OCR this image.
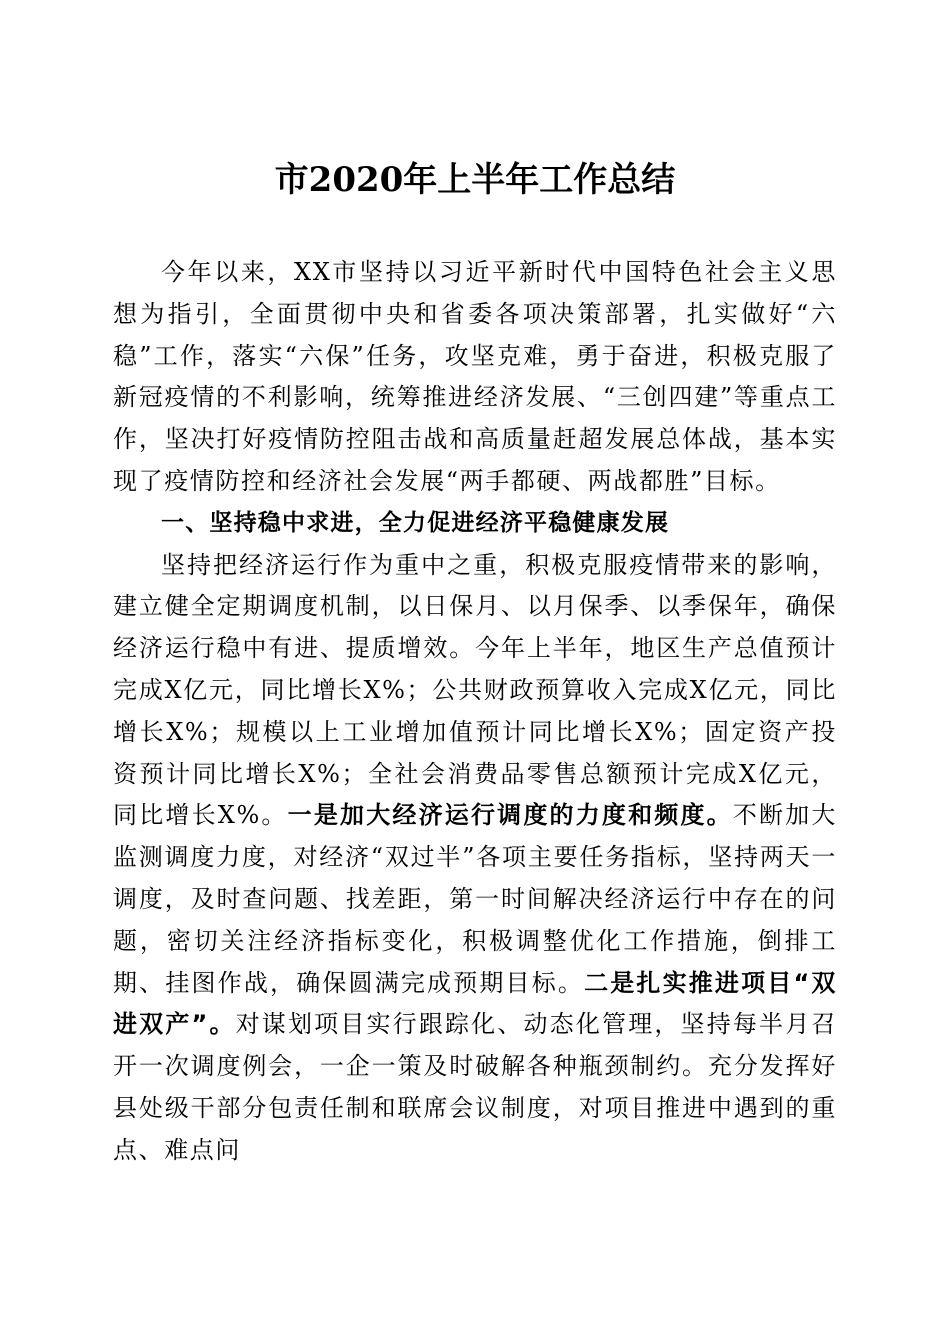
市2020年上半年工作总结

今年以来，XX市坚持以习近平新时代中国特色社会主义思想为指引，全面贯彻中央和省委各项决策部署，扎实做好“六稳”工作，落实“六保”任务，攻坚克难，勇于奋进，积极克服了新冠疫情的不利影响，统筹推进经济发展、“三创四建”等重点工作，坚决打好疫情防控阻击战和高质量赶超发展总体战，基本实现了疫情防控和经济社会发展“两手都硬、两战都胜”目标。

一、坚持稳中求进，全力促进经济平稳健康发展

坚持把经济运行作为重中之重，积极克服疫情带来的影响，建立健全定期调度机制，以日保月、以月保季、以季保年，确保经济运行稳中有进、提质增效。今年上半年，地区生产总值预计完成X亿元，同比增长X%；公共财政预算收入完成X亿元，同比增长X%；规模以上工业增加值预计同比增长X%；固定资产投资预计同比增长X%；全社会消费品零售总额预计完成X亿元，同比增长X%。一是加大经济运行调度的力度和频度。不断加大监测调度力度，对经济“双过半”各项主要任务指标，坚持两天一调度，及时查问题、找差距，第一时间解决经济运行中存在的问题，密切关注经济指标变化，积极调整优化工作措施，倒排工期、挂图作战，确保圆满完成预期目标。二是扎实推进项目“双进双产”。对谋划项目实行跟踪化、动态化管理，坚持每半月召开一次调度例会，一企一策及时破解各种瓶颈制约。充分发挥好县处级干部分包责任制和联席会议制度，对项目推进中遇到的重点、难点问
